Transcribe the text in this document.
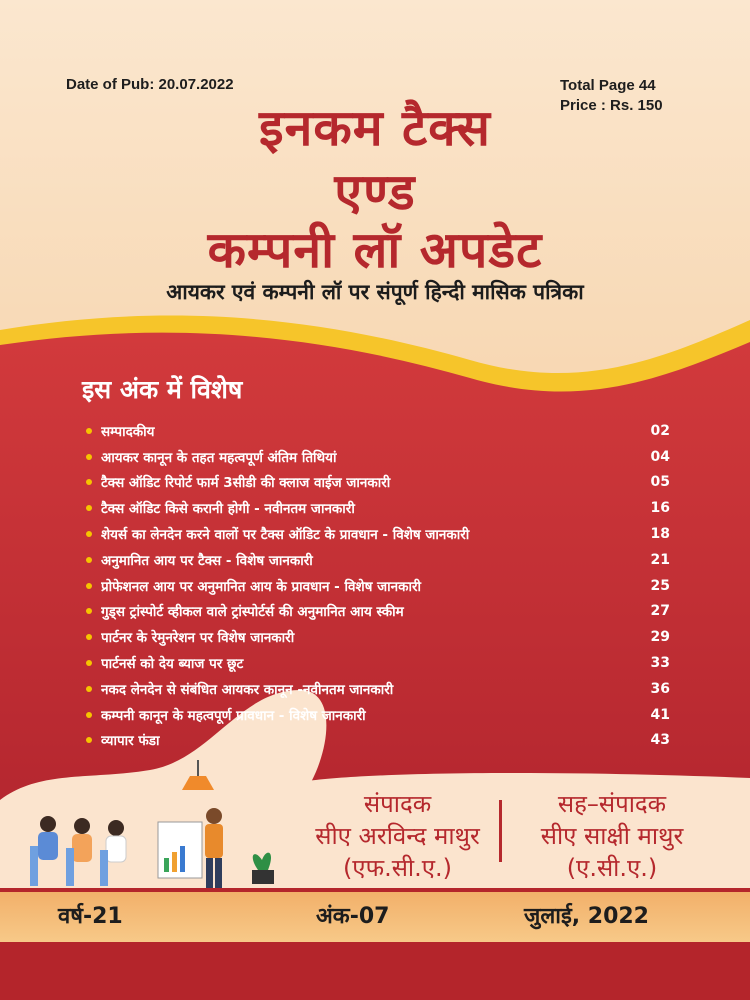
Date of Pub: 20.07.2022	Total Page 44
Price : Rs. 150
इनकम टैक्स
एण्ड
कम्पनी लॉ अपडेट
आयकर एवं कम्पनी लॉ पर संपूर्ण हिन्दी मासिक पत्रिका
इस अंक में विशेष
सम्पादकीय	02
आयकर कानून के तहत महत्वपूर्ण अंतिम तिथियां	04
टैक्स ऑडिट रिपोर्ट फार्म 3सीडी की क्लाज वाईज जानकारी	05
टैक्स ऑडिट किसे करानी होगी - नवीनतम जानकारी	16
शेयर्स का लेनदेन करने वालों पर टैक्स ऑडिट के प्रावधान - विशेष जानकारी	18
अनुमानित आय पर टैक्स - विशेष जानकारी	21
प्रोफेशनल आय पर अनुमानित आय के प्रावधान - विशेष जानकारी	25
गुड्स ट्रांस्पोर्ट व्हीकल वाले ट्रांस्पोर्टर्स की अनुमानित आय स्कीम	27
पार्टनर के रेमुनरेशन पर विशेष जानकारी	29
पार्टनर्स को देय ब्याज पर छूट	33
नकद लेनदेन से संबंधित आयकर कानून -नवीनतम जानकारी	36
कम्पनी कानून के महत्वपूर्ण प्रावधान - विशेष जानकारी	41
व्यापार फंडा	43
संपादक
सीए अरविन्द माथुर
(एफ.सी.ए.)
सह–संपादक
सीए साक्षी माथुर
(ए.सी.ए.)
वर्ष-21	अंक-07	जुलाई, 2022
